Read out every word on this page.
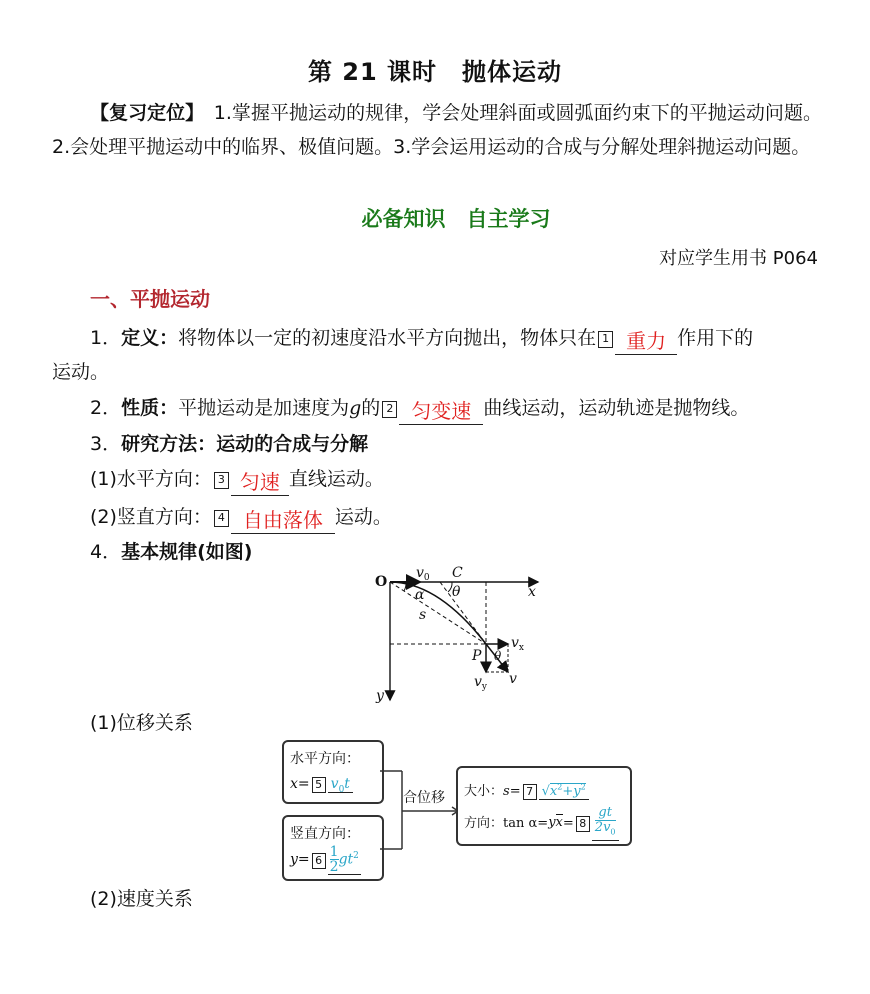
第 21 课时　抛体运动
【复习定位】　1.掌握平抛运动的规律，学会处理斜面或圆弧面约束下的平抛运动问题。2.会处理平抛运动中的临界、极值问题。3.学会运用运动的合成与分解处理斜抛运动问题。
必备知识　自主学习
对应学生用书 P064
一、平抛运动
1．定义：将物体以一定的初速度沿水平方向抛出，物体只在 1 重力 作用下的
运动。
2．性质：平抛运动是加速度为g的 2 匀变速 曲线运动，运动轨迹是抛物线。
3．研究方法：运动的合成与分解
(1)水平方向： 3 匀速 直线运动。
(2)竖直方向： 4 自由落体 运动。
4．基本规律(如图)
O
$v_0$ C
θ
α	x
s
$v_x$
P θ
$v_y$ v
y
(1)位移关系
水平方向：
x= 5 $v_0t$
竖直方向：
$y= 6 \frac{1}{2} gt^2$
合位移 大小：s= 7 $√x^2+y^2$
方向：$\tan \alpha=yx= 8 \frac{gt}{2v_0}$
(2)速度关系
